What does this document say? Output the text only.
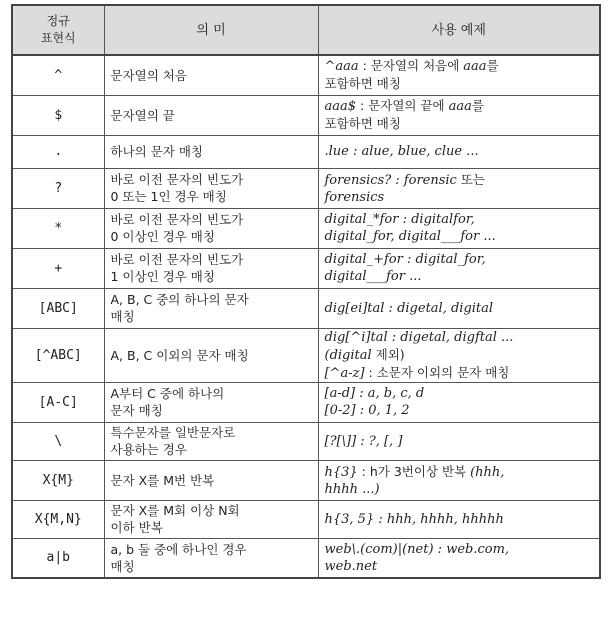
정규
표현식	의 미	사용 예제
^	문자열의 처음	^aaa : 문자열의 처음에 aaa를
포함하면 매칭

$	문자열의 끝	aaa$ : 문자열의 끝에 aaa를
포함하면 매칭

.	하나의 문자 매칭	.lue : alue, blue, clue ...

?	바로 이전 문자의 빈도가
0 또는 1인 경우 매칭	forensics? : forensic 또는
forensics

*	바로 이전 문자의 빈도가
0 이상인 경우 매칭	digital_*for : digitalfor,
digital_for, digital___for ...

+	바로 이전 문자의 빈도가
1 이상인 경우 매칭	digital_+for : digital_for,
digital___for ...

[ABC]	A, B, C 중의 하나의 문자
매칭	dig[ei]tal : digetal, digital

[^ABC]	A, B, C 이외의 문자 매칭	dig[^i]tal : digetal, digftal ...
(digital 제외)
[^a-z] : 소문자 이외의 문자 매칭

[A-C]	A부터 C 중에 하나의
문자 매칭	[a-d] : a, b, c, d
[0-2] : 0, 1, 2

\	특수문자를 일반문자로
사용하는 경우	[?[\]] : ?, [, ]

X{M}	문자 X를 M번 반복	h{3} : h가 3번이상 반복 (hhh,
hhhh ...)

X{M,N}	문자 X를 M회 이상 N회
이하 반복	h{3, 5} : hhh, hhhh, hhhhh

a|b	a, b 둘 중에 하나인 경우
매칭	web\.(com)|(net) : web.com,
web.net
